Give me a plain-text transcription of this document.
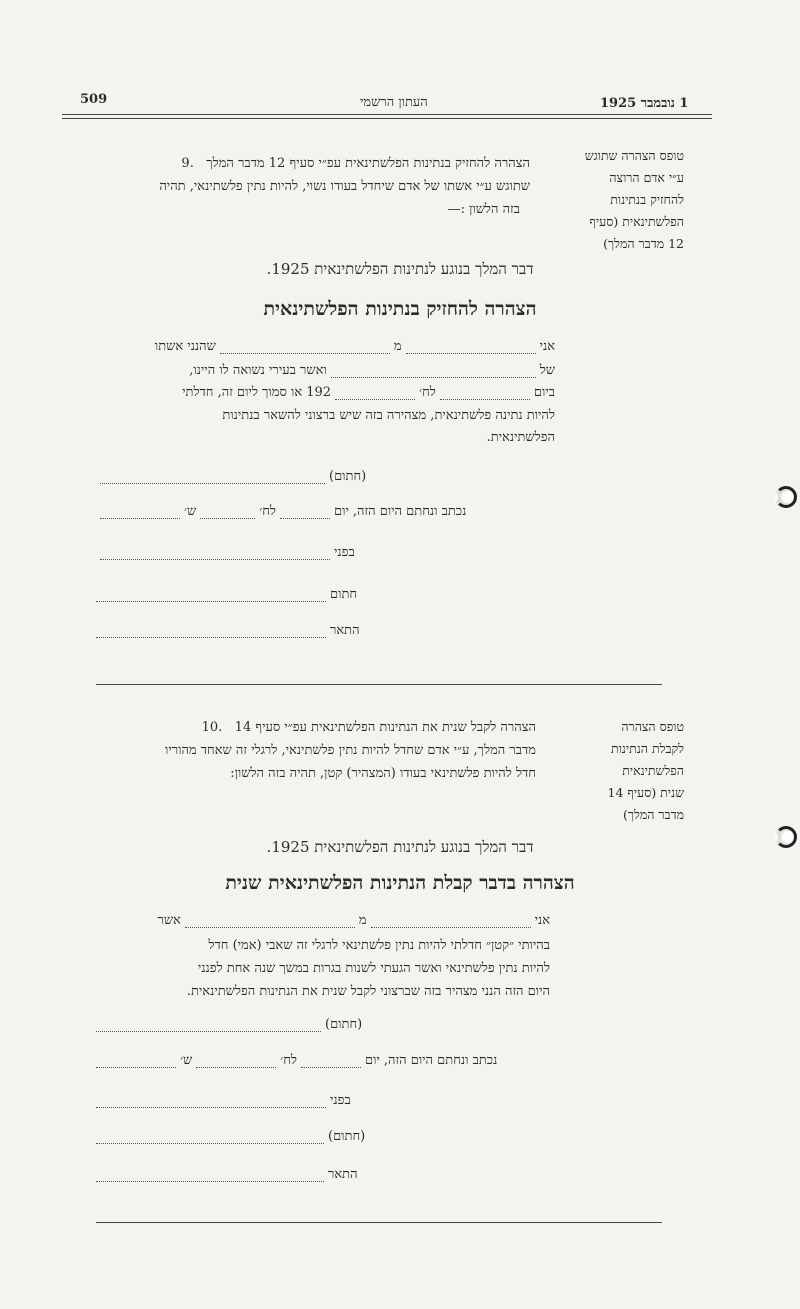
509	העתון הרשמי	1 נובמבר 1925
טופס הצהרה שתוגש
ע״י אדם הרוצה
להחזיק בנתינות
הפלשתינאית (סעיף
12 מדבר המלך)
הצהרה להחזיק בנתינות הפלשתינאית עפ״י סעיף 12 מדבר המלך   .9
שתוגש ע״י אשתו של אדם שיחדל בעודו נשוי, להיות נתין פלשתינאי, תהיה
בזה הלשון :—
דבר המלך בנוגע לנתינות הפלשתינאית 1925.
הצהרה להחזיק בנתינות הפלשתינאית
אני
מ
שהנני אשתו
של
ואשר בעירי נשואה לו היינו,
ביום
לח׳
192 או סמוך ליום זה, חדלתי
להיות נתינה פלשתינאית, מצהירה בזה שיש ברצוני להשאר בנתינות
הפלשתינאית.
(חתום)
נכתב ונחתם היום הזה,
יום
לח׳
ש׳
בפני
חתום
התאר
טופס הצהרה
לקבלת הנתינות
הפלשתינאית
שנית (סעיף 14
מדבר המלך)
הצהרה לקבל שנית את הנתינות הפלשתינאית עפ״י סעיף 14   .10
מדבר המלך, ע״י אדם שחדל להיות נתין פלשתינאי, לרגלי זה שאחד מהוריו
חדל להיות פלשתינאי בעודו (המצהיר) קטן, תהיה בזה הלשון:
דבר המלך בנוגע לנתינות הפלשתינאית 1925.
הצהרה בדבר קבלת הנתינות הפלשתינאית שנית
אני
מ
אשר
בהיותי ״קטן״ חדלתי להיות נתין פלשתינאי לרגלי זה שאבי (אמי) חדל
להיות נתין פלשתינאי ואשר הגעתי לשנות בגרות במשך שנה אחת לפנני
היום הזה הנני מצהיר בזה שברצוני לקבל שנית את הנתינות הפלשתינאית.
(חתום)
נכתב ונחתם היום הזה,
יום
לח׳
ש׳
בפני
(חתום)
התאר
